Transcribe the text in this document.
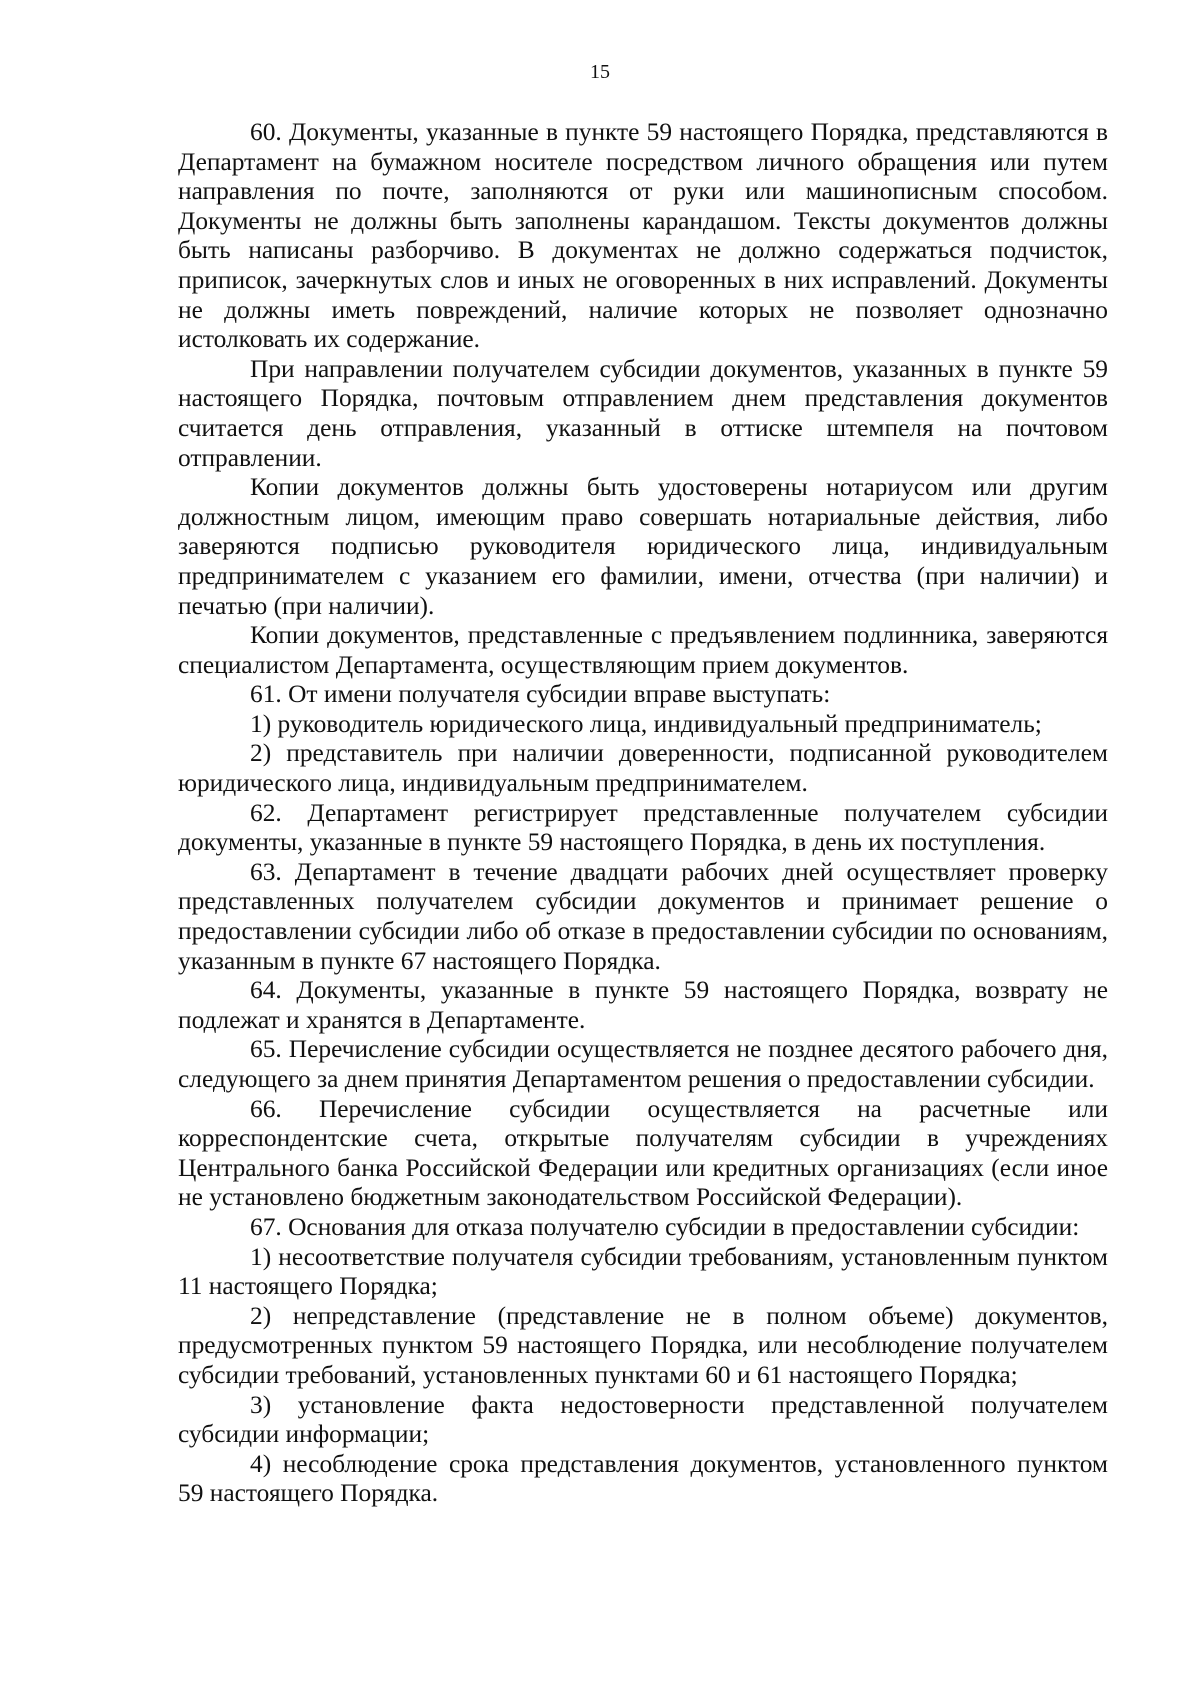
15

60. Документы, указанные в пункте 59 настоящего Порядка, представляются в Департамент на бумажном носителе посредством личного обращения или путем направления по почте, заполняются от руки или машинописным способом. Документы не должны быть заполнены карандашом. Тексты документов должны быть написаны разборчиво. В документах не должно содержаться подчисток, приписок, зачеркнутых слов и иных не оговоренных в них исправлений. Документы не должны иметь повреждений, наличие которых не позволяет однозначно истолковать их содержание.

При направлении получателем субсидии документов, указанных в пункте 59 настоящего Порядка, почтовым отправлением днем представления документов считается день отправления, указанный в оттиске штемпеля на почтовом отправлении.

Копии документов должны быть удостоверены нотариусом или другим должностным лицом, имеющим право совершать нотариальные действия, либо заверяются подписью руководителя юридического лица, индивидуальным предпринимателем с указанием его фамилии, имени, отчества (при наличии) и печатью (при наличии).

Копии документов, представленные с предъявлением подлинника, заверяются специалистом Департамента, осуществляющим прием документов.

61. От имени получателя субсидии вправе выступать:

1) руководитель юридического лица, индивидуальный предприниматель;

2) представитель при наличии доверенности, подписанной руководителем юридического лица, индивидуальным предпринимателем.

62. Департамент регистрирует представленные получателем субсидии документы, указанные в пункте 59 настоящего Порядка, в день их поступления.

63. Департамент в течение двадцати рабочих дней осуществляет проверку представленных получателем субсидии документов и принимает решение о предоставлении субсидии либо об отказе в предоставлении субсидии по основаниям, указанным в пункте 67 настоящего Порядка.

64. Документы, указанные в пункте 59 настоящего Порядка, возврату не подлежат и хранятся в Департаменте.

65. Перечисление субсидии осуществляется не позднее десятого рабочего дня, следующего за днем принятия Департаментом решения о предоставлении субсидии.

66. Перечисление субсидии осуществляется на расчетные или корреспондентские счета, открытые получателям субсидии в учреждениях Центрального банка Российской Федерации или кредитных организациях (если иное не установлено бюджетным законодательством Российской Федерации).

67. Основания для отказа получателю субсидии в предоставлении субсидии:

1) несоответствие получателя субсидии требованиям, установленным пунктом 11 настоящего Порядка;

2) непредставление (представление не в полном объеме) документов, предусмотренных пунктом 59 настоящего Порядка, или несоблюдение получателем субсидии требований, установленных пунктами 60 и 61 настоящего Порядка;

3) установление факта недостоверности представленной получателем субсидии информации;

4) несоблюдение срока представления документов, установленного пунктом 59 настоящего Порядка.
